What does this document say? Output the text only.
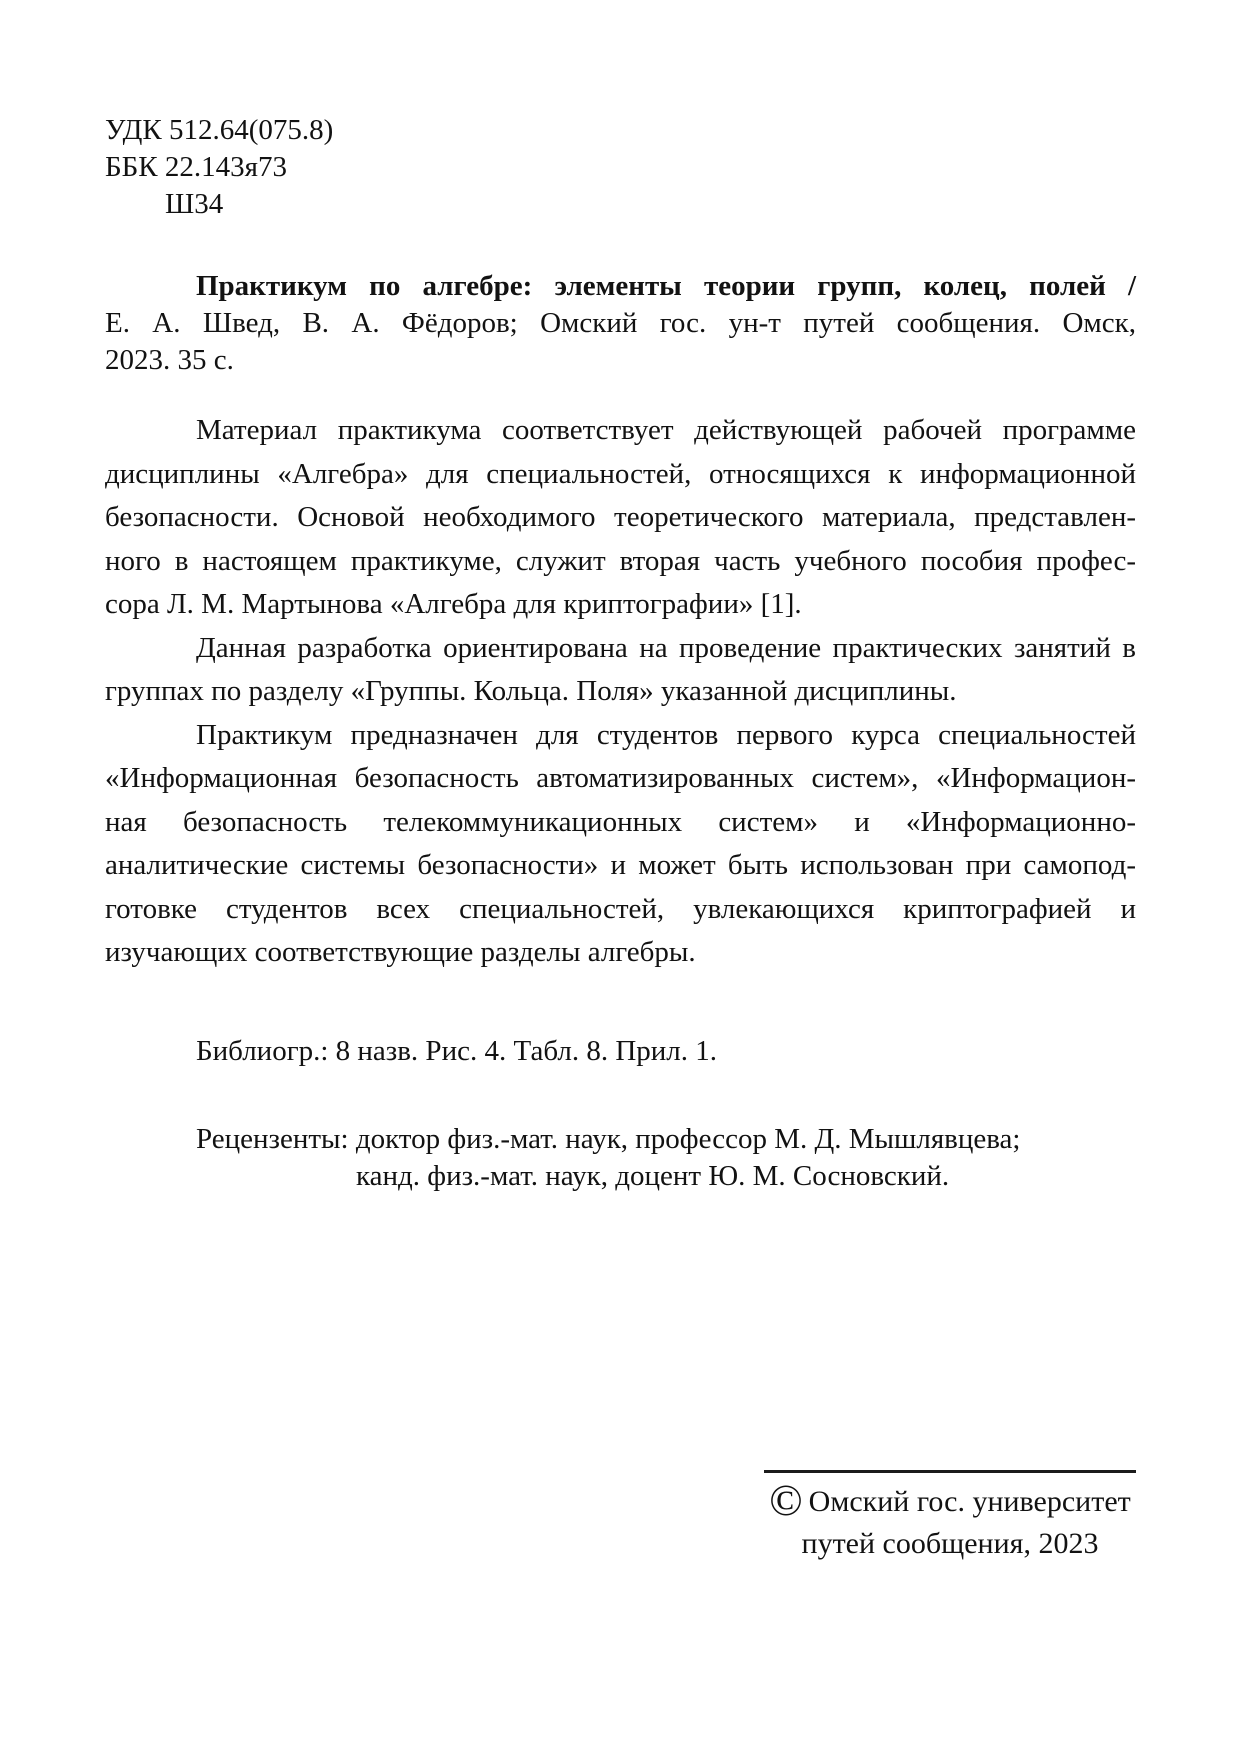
УДК 512.64(075.8)
ББК 22.143я73
Ш34
Практикум по алгебре: элементы теории групп, колец, полей /
Е. А. Швед, В. А. Фёдоров; Омский гос. ун-т путей сообщения. Омск,
2023. 35 с.
Материал практикума соответствует действующей рабочей программе
дисциплины «Алгебра» для специальностей, относящихся к информационной
безопасности. Основой необходимого теоретического материала, представлен-
ного в настоящем практикуме, служит вторая часть учебного пособия профес-
сора Л. М. Мартынова «Алгебра для криптографии» [1].
Данная разработка ориентирована на проведение практических занятий в
группах по разделу «Группы. Кольца. Поля» указанной дисциплины.
Практикум предназначен для студентов первого курса специальностей
«Информационная безопасность автоматизированных систем», «Информацион-
ная безопасность телекоммуникационных систем» и «Информационно-
аналитические системы безопасности» и может быть использован при самопод-
готовке студентов всех специальностей, увлекающихся криптографией и
изучающих соответствующие разделы алгебры.
Библиогр.: 8 назв. Рис. 4. Табл. 8. Прил. 1.
Рецензенты: доктор физ.-мат. наук, профессор М. Д. Мышлявцева;
канд. физ.-мат. наук, доцент Ю. М. Сосновский.
© Омский гос. университет
путей сообщения, 2023
